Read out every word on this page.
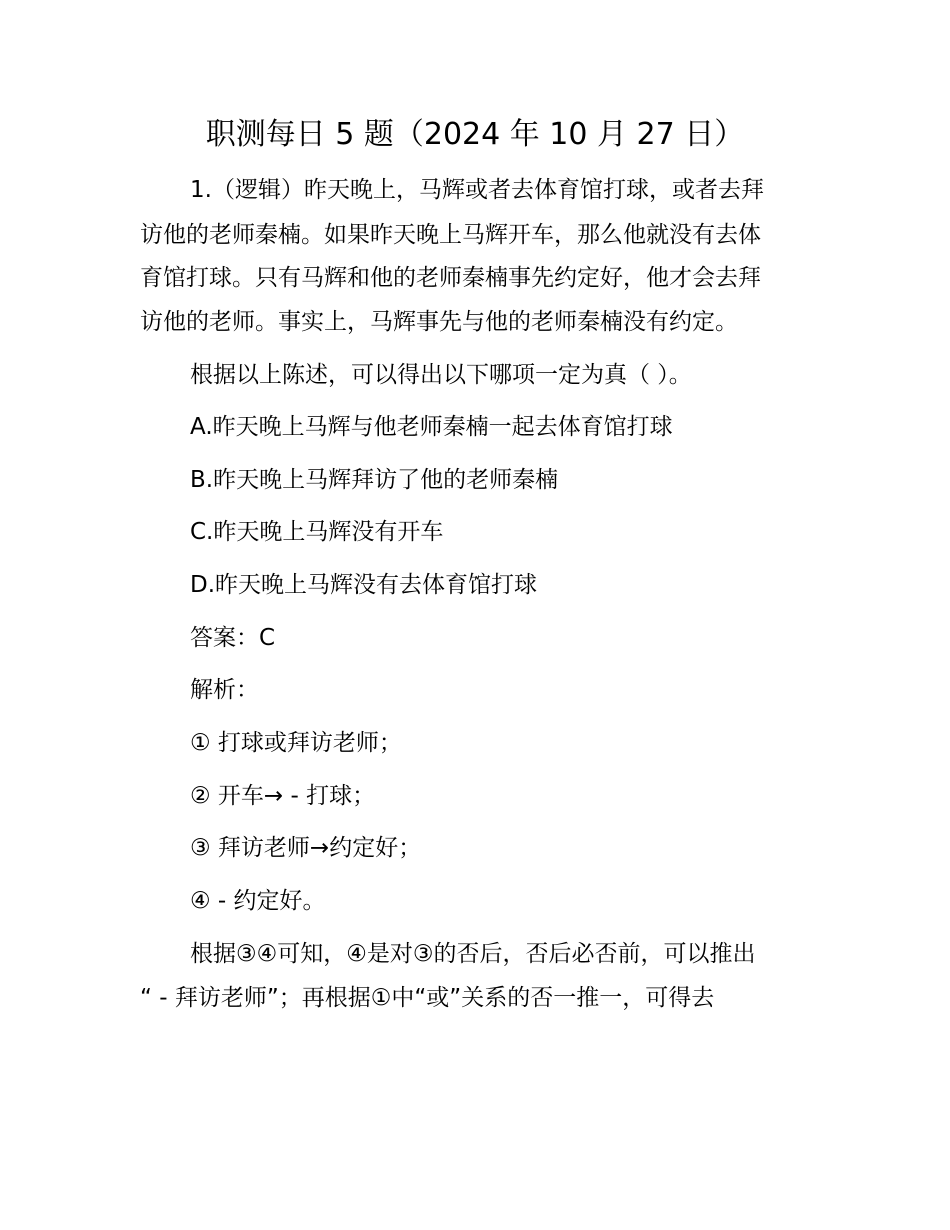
职测每日 5 题（2024 年 10 月 27 日）
1.（逻辑）昨天晚上，马辉或者去体育馆打球，或者去拜
访他的老师秦楠。如果昨天晚上马辉开车，那么他就没有去体
育馆打球。只有马辉和他的老师秦楠事先约定好，他才会去拜
访他的老师。事实上，马辉事先与他的老师秦楠没有约定。
根据以上陈述，可以得出以下哪项一定为真（ ）。
A.昨天晚上马辉与他老师秦楠一起去体育馆打球
B.昨天晚上马辉拜访了他的老师秦楠
C.昨天晚上马辉没有开车
D.昨天晚上马辉没有去体育馆打球
答案：C
解析：
① 打球或拜访老师；
② 开车→ - 打球；
③ 拜访老师→约定好；
④ - 约定好。
根据③④可知，④是对③的否后，否后必否前，可以推出
“ - 拜访老师”；再根据①中“或”关系的否一推一，可得去
